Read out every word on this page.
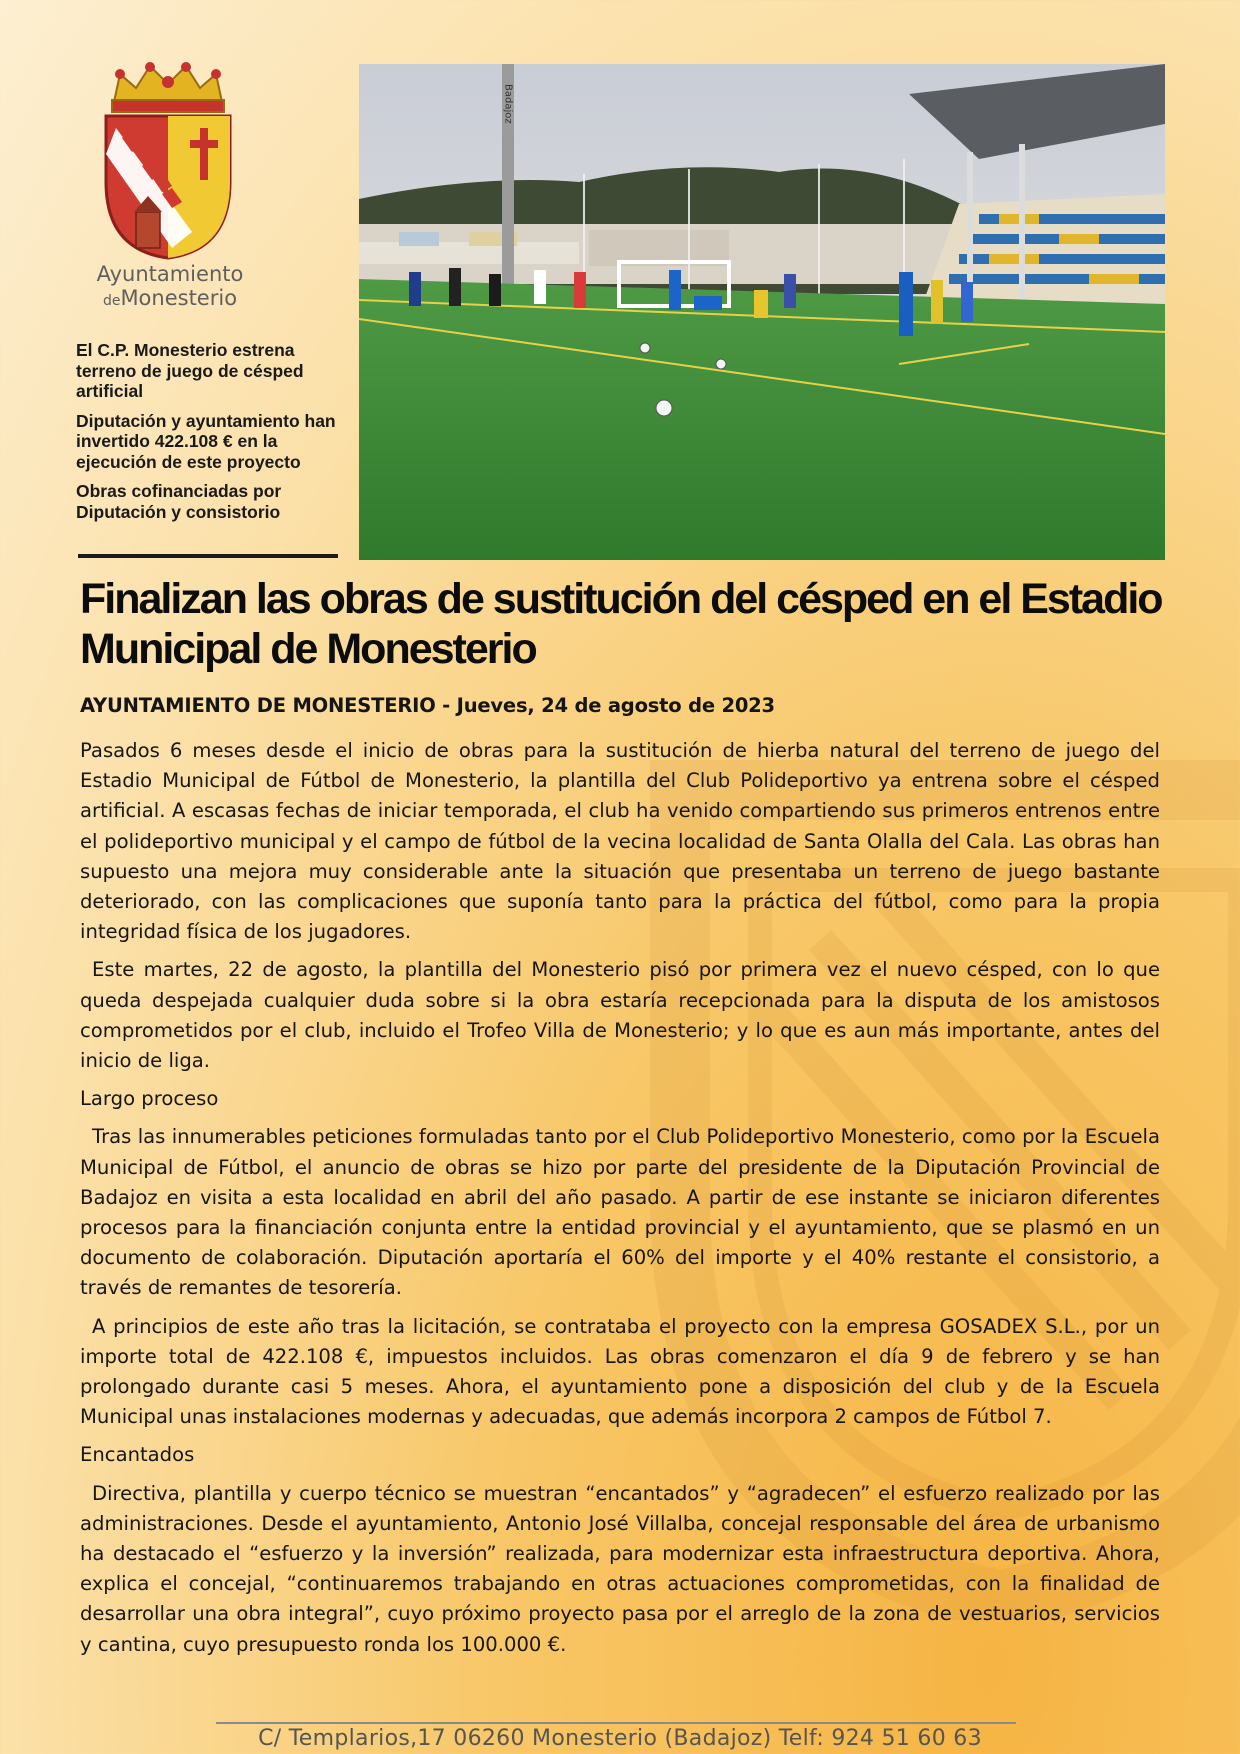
Ayuntamiento
deMonesterio

El C.P. Monesterio estrena terreno de juego de césped artificial

Diputación y ayuntamiento han invertido 422.108 € en la ejecución de este proyecto

Obras cofinanciadas por Diputación y consistorio

Badajoz
Finalizan las obras de sustitución del césped en el Estadio Municipal de Monesterio
AYUNTAMIENTO DE MONESTERIO - Jueves, 24 de agosto de 2023

Pasados 6 meses desde el inicio de obras para la sustitución de hierba natural del terreno de juego del Estadio Municipal de Fútbol de Monesterio, la plantilla del Club Polideportivo ya entrena sobre el césped artificial. A escasas fechas de iniciar temporada, el club ha venido compartiendo sus primeros entrenos entre el polideportivo municipal y el campo de fútbol de la vecina localidad de Santa Olalla del Cala. Las obras han supuesto una mejora muy considerable ante la situación que presentaba un terreno de juego bastante deteriorado, con las complicaciones que suponía tanto para la práctica del fútbol, como para la propia integridad física de los jugadores.

Este martes, 22 de agosto, la plantilla del Monesterio pisó por primera vez el nuevo césped, con lo que queda despejada cualquier duda sobre si la obra estaría recepcionada para la disputa de los amistosos comprometidos por el club, incluido el Trofeo Villa de Monesterio; y lo que es aun más importante, antes del inicio de liga.

Largo proceso

Tras las innumerables peticiones formuladas tanto por el Club Polideportivo Monesterio, como por la Escuela Municipal de Fútbol, el anuncio de obras se hizo por parte del presidente de la Diputación Provincial de Badajoz en visita a esta localidad en abril del año pasado. A partir de ese instante se iniciaron diferentes procesos para la financiación conjunta entre la entidad provincial y el ayuntamiento, que se plasmó en un documento de colaboración. Diputación aportaría el 60% del importe y el 40% restante el consistorio, a través de remantes de tesorería.

A principios de este año tras la licitación, se contrataba el proyecto con la empresa GOSADEX S.L., por un importe total de 422.108 €, impuestos incluidos. Las obras comenzaron el día 9 de febrero y se han prolongado durante casi 5 meses. Ahora, el ayuntamiento pone a disposición del club y de la Escuela Municipal unas instalaciones modernas y adecuadas, que además incorpora 2 campos de Fútbol 7.

Encantados

Directiva, plantilla y cuerpo técnico se muestran “encantados” y “agradecen” el esfuerzo realizado por las administraciones. Desde el ayuntamiento, Antonio José Villalba, concejal responsable del área de urbanismo ha destacado el “esfuerzo y la inversión” realizada, para modernizar esta infraestructura deportiva. Ahora, explica el concejal, “continuaremos trabajando en otras actuaciones comprometidas, con la finalidad de desarrollar una obra integral”, cuyo próximo proyecto pasa por el arreglo de la zona de vestuarios, servicios y cantina, cuyo presupuesto ronda los 100.000 €.

C/ Templarios,17 06260 Monesterio (Badajoz) Telf: 924 51 60 63
